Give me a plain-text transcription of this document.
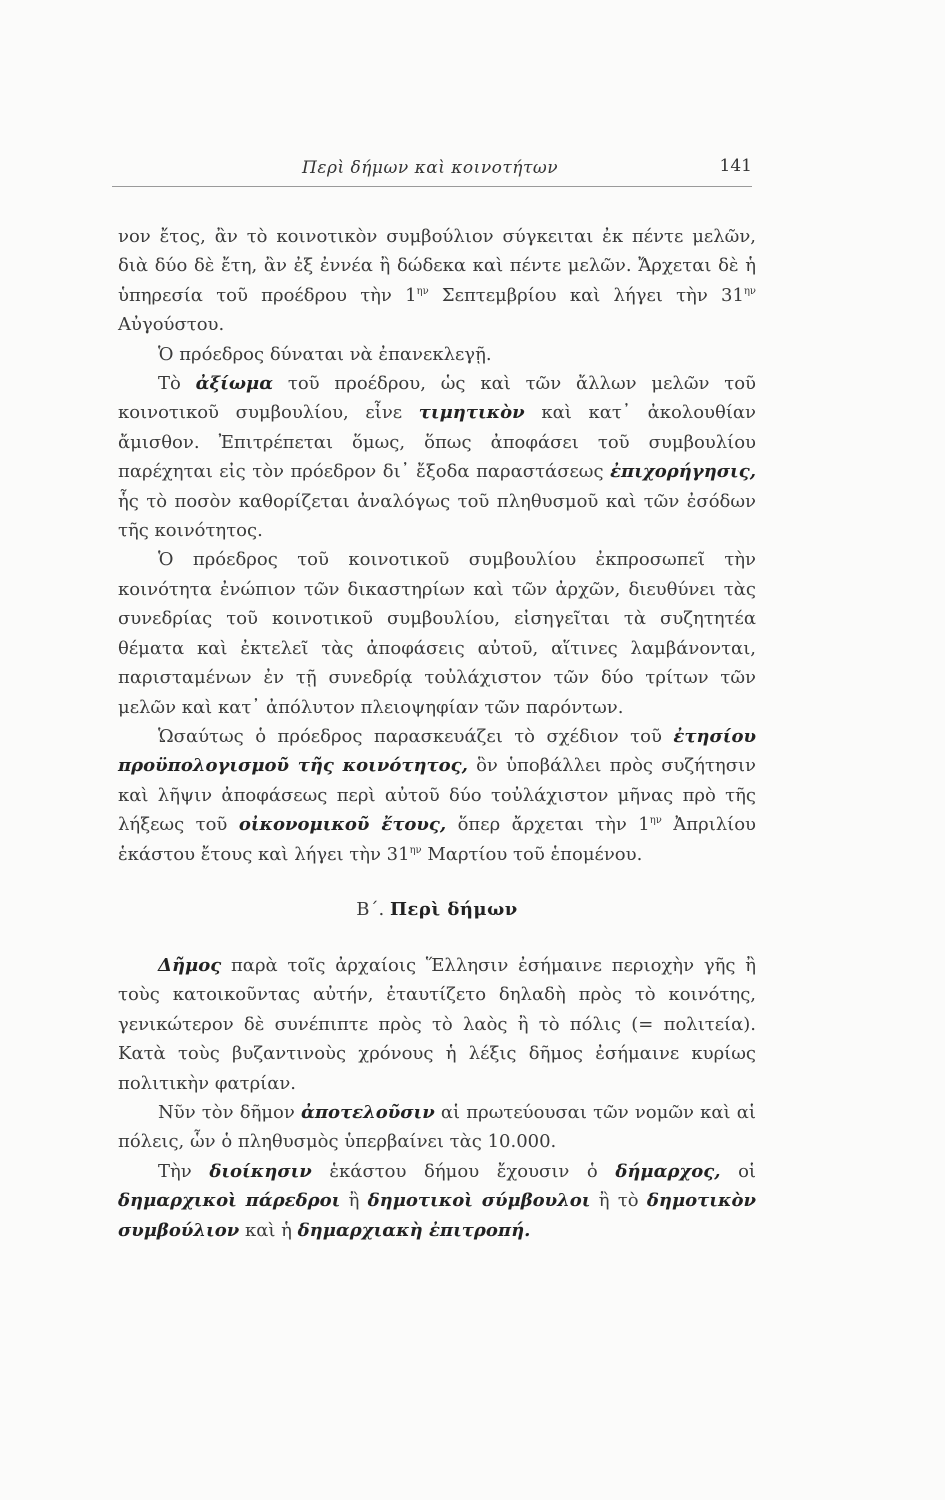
Περὶ δήμων καὶ κοινοτήτων	141

νον ἔτος, ἂν τὸ κοινοτικὸν συμβούλιον σύγκειται ἐκ πέντε μελῶν, διὰ δύο δὲ ἔτη, ἂν ἐξ ἐννέα ἢ δώδεκα καὶ πέντε μελῶν. Ἄρχεται δὲ ἡ ὑπηρεσία τοῦ προέδρου τὴν $1^{\eta\nu}$ Σεπτεμβρίου καὶ λήγει τὴν $31^{\eta\nu}$ Αὐγούστου.

Ὁ πρόεδρος δύναται νὰ ἐπανεκλεγῇ.

Τὸ ἀξίωμα τοῦ προέδρου, ὡς καὶ τῶν ἄλλων μελῶν τοῦ κοινοτικοῦ συμβουλίου, εἶνε τιμητικὸν καὶ κατ᾽ ἀκολουθίαν ἄμισθον. Ἐπιτρέπεται ὅμως, ὅπως ἀποφάσει τοῦ συμβουλίου παρέχηται εἰς τὸν πρόεδρον δι᾽ ἔξοδα παραστάσεως ἐπιχορήγησις, ἧς τὸ ποσὸν καθορίζεται ἀναλόγως τοῦ πληθυσμοῦ καὶ τῶν ἐσόδων τῆς κοινότητος.

Ὁ πρόεδρος τοῦ κοινοτικοῦ συμβουλίου ἐκπροσωπεῖ τὴν κοινότητα ἐνώπιον τῶν δικαστηρίων καὶ τῶν ἀρχῶν, διευθύνει τὰς συνεδρίας τοῦ κοινοτικοῦ συμβουλίου, εἰσηγεῖται τὰ συζητητέα θέματα καὶ ἐκτελεῖ τὰς ἀποφάσεις αὐτοῦ, αἵτινες λαμβάνονται, παρισταμένων ἐν τῇ συνεδρίᾳ τοὐλάχιστον τῶν δύο τρίτων τῶν μελῶν καὶ κατ᾽ ἀπόλυτον πλειοψηφίαν τῶν παρόντων.

Ὡσαύτως ὁ πρόεδρος παρασκευάζει τὸ σχέδιον τοῦ ἐτησίου προϋπολογισμοῦ τῆς κοινότητος, ὃν ὑποβάλλει πρὸς συζήτησιν καὶ λῆψιν ἀποφάσεως περὶ αὐτοῦ δύο τοὐλάχιστον μῆνας πρὸ τῆς λήξεως τοῦ οἰκονομικοῦ ἔτους, ὅπερ ἄρχεται τὴν $1^{\eta\nu}$ Ἀπριλίου ἑκάστου ἔτους καὶ λήγει τὴν $31^{\eta\nu}$ Μαρτίου τοῦ ἑπομένου.

Β΄. Περὶ δήμων

Δῆμος παρὰ τοῖς ἀρχαίοις Ἕλλησιν ἐσήμαινε περιοχὴν γῆς ἢ τοὺς κατοικοῦντας αὐτήν, ἐταυτίζετο δηλαδὴ πρὸς τὸ κοινότης, γενικώτερον δὲ συνέπιπτε πρὸς τὸ λαὸς ἢ τὸ πόλις (= πολιτεία). Κατὰ τοὺς βυζαντινοὺς χρόνους ἡ λέξις δῆμος ἐσήμαινε κυρίως πολιτικὴν φατρίαν.

Νῦν τὸν δῆμον ἀποτελοῦσιν αἱ πρωτεύουσαι τῶν νομῶν καὶ αἱ πόλεις, ὧν ὁ πληθυσμὸς ὑπερβαίνει τὰς 10.000.

Τὴν διοίκησιν ἑκάστου δήμου ἔχουσιν ὁ δήμαρχος, οἱ δημαρχικοὶ πάρεδροι ἢ δημοτικοὶ σύμβουλοι ἢ τὸ δημοτικὸν συμβούλιον καὶ ἡ δημαρχιακὴ ἐπιτροπή.
